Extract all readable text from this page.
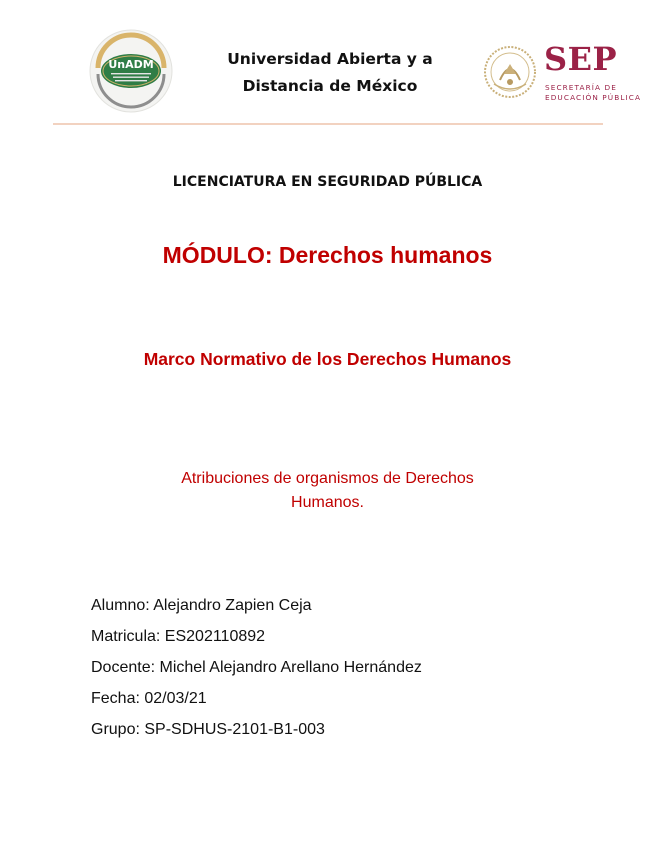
UnADM	Universidad Abierta y a
Distancia de México
SEP
SECRETARÍA DE
EDUCACIÓN PÚBLICA
LICENCIATURA EN SEGURIDAD PÚBLICA
MÓDULO: Derechos humanos
Marco Normativo de los Derechos Humanos
Atribuciones de organismos de Derechos
Humanos.
Alumno: Alejandro Zapien Ceja
Matricula: ES202110892
Docente: Michel Alejandro Arellano Hernández
Fecha: 02/03/21
Grupo: SP-SDHUS-2101-B1-003
